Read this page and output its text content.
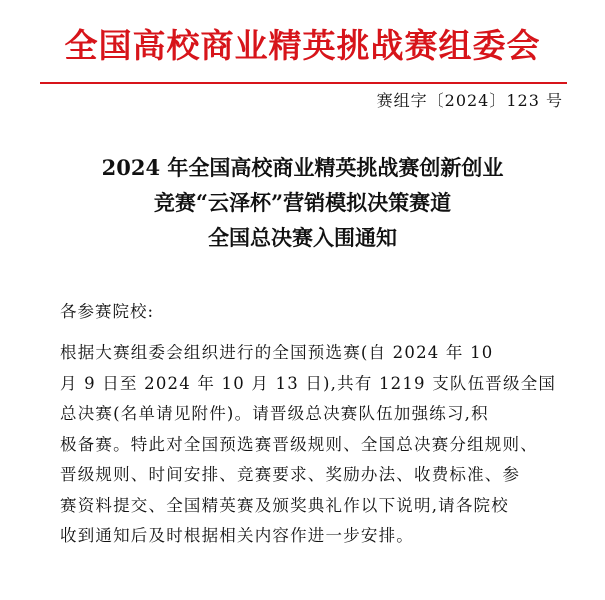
全国高校商业精英挑战赛组委会
赛组字〔2024〕123 号
2024 年全国高校商业精英挑战赛创新创业
竞赛“云泽杯”营销模拟决策赛道
全国总决赛入围通知
各参赛院校:
根据大赛组委会组织进行的全国预选赛(自 2024 年 10
月 9 日至 2024 年 10 月 13 日),共有 1219 支队伍晋级全国
总决赛(名单请见附件)。请晋级总决赛队伍加强练习,积
极备赛。特此对全国预选赛晋级规则、全国总决赛分组规则、
晋级规则、时间安排、竞赛要求、奖励办法、收费标准、参
赛资料提交、全国精英赛及颁奖典礼作以下说明,请各院校
收到通知后及时根据相关内容作进一步安排。
